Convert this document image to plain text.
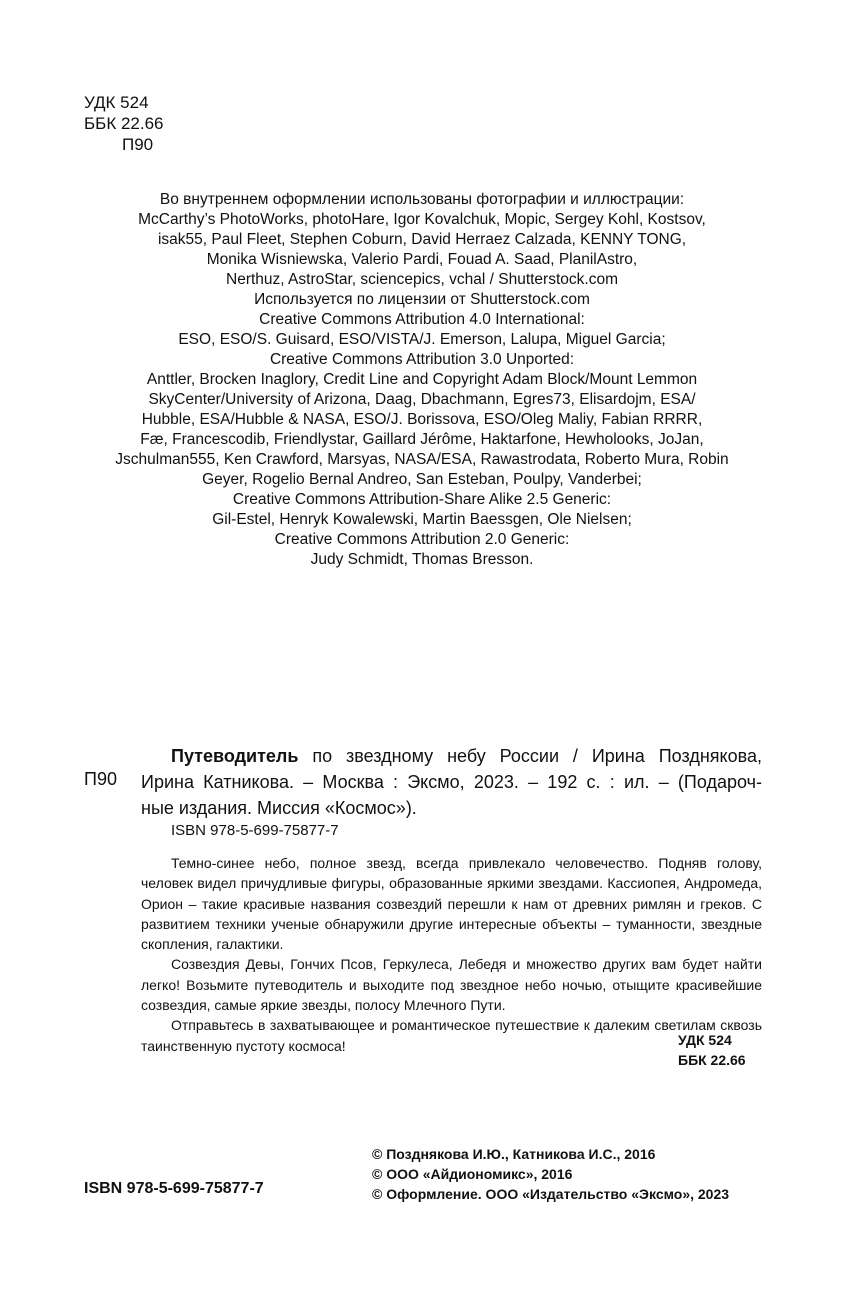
УДК 524
ББК 22.66
П90
Во внутреннем оформлении использованы фотографии и иллюстрации:
McCarthy’s PhotoWorks, photoHare, Igor Kovalchuk, Mopic, Sergey Kohl, Kostsov,
isak55, Paul Fleet, Stephen Coburn, David Herraez Calzada, KENNY TONG,
Monika Wisniewska, Valerio Pardi, Fouad A. Saad, PlanilAstro,
Nerthuz, AstroStar, sciencepics, vchal / Shutterstock.com
Используется по лицензии от Shutterstock.com
Creative Commons Attribution 4.0 International:
ESO, ESO/S. Guisard, ESO/VISTA/J. Emerson, Lalupa, Miguel Garcia;
Creative Commons Attribution 3.0 Unported:
Anttler, Brocken Inaglory, Credit Line and Copyright Adam Block/Mount Lemmon
SkyCenter/University of Arizona, Daag, Dbachmann, Egres73, Elisardojm, ESA/
Hubble, ESA/Hubble & NASA, ESO/J. Borissova, ESO/Oleg Maliy, Fabian RRRR,
Fæ, Francescodib, Friendlystar, Gaillard Jérôme, Haktarfone, Hewholooks, JoJan,
Jschulman555, Ken Crawford, Marsyas, NASA/ESA, Rawastrodata, Roberto Mura, Robin
Geyer, Rogelio Bernal Andreo, San Esteban, Poulpy, Vanderbei;
Creative Commons Attribution-Share Alike 2.5 Generic:
Gil-Estel, Henryk Kowalewski, Martin Baessgen, Ole Nielsen;
Creative Commons Attribution 2.0 Generic:
Judy Schmidt, Thomas Bresson.
П90
Путеводитель по звездному небу России / Ирина Позднякова,
Ирина Катникова. – Москва : Эксмо, 2023. – 192 с. : ил. – (Подароч-
ные издания. Миссия «Космос»).
ISBN 978-5-699-75877-7

Темно-синее небо, полное звезд, всегда привлекало человечество. Подняв голову, человек видел причудливые фигуры, образованные яркими звездами. Кассиопея, Андромеда, Орион – такие красивые названия созвездий перешли к нам от древних римлян и греков. С развитием техники ученые обнаружили другие интересные объекты – туманности, звездные скопления, галактики.

Созвездия Девы, Гончих Псов, Геркулеса, Лебедя и множество других вам будет найти легко! Возьмите путеводитель и выходите под звездное небо ночью, отыщите красивейшие созвездия, самые яркие звезды, полосу Млечного Пути.

Отправьтесь в захватывающее и романтическое путешествие к далеким светилам сквозь таинственную пустоту космоса!	УДК 524
ББК 22.66
ISBN 978-5-699-75877-7
© Позднякова И.Ю., Катникова И.С., 2016
© ООО «Айдиономикс», 2016
© Оформление. ООО «Издательство «Эксмо», 2023
